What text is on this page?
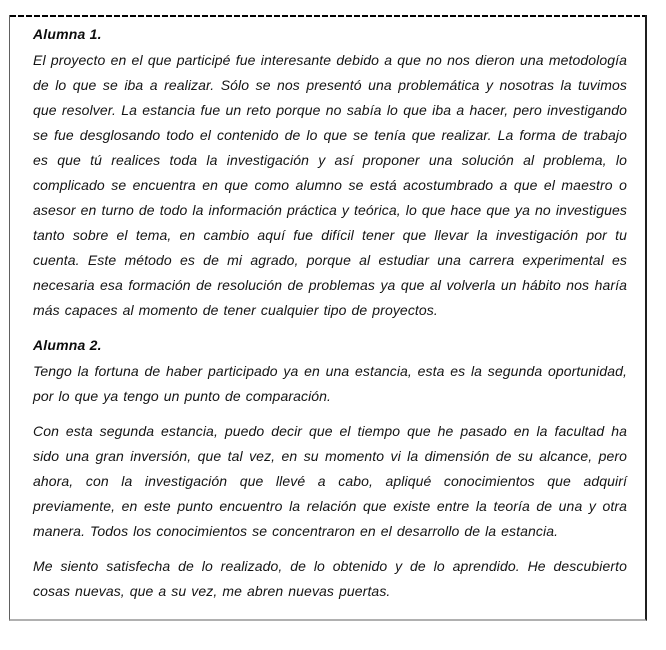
Alumna 1.

El proyecto en el que participé fue interesante debido a que no nos dieron una metodología de lo que se iba a realizar. Sólo se nos presentó una problemática y nosotras la tuvimos que resolver. La estancia fue un reto porque no sabía lo que iba a hacer, pero investigando se fue desglosando todo el contenido de lo que se tenía que realizar. La forma de trabajo es que tú realices toda la investigación y así proponer una solución al problema, lo complicado se encuentra en que como alumno se está acostumbrado a que el maestro o asesor en turno de todo la información práctica y teórica, lo que hace que ya no investigues tanto sobre el tema, en cambio aquí fue difícil tener que llevar la investigación por tu cuenta. Este método es de mi agrado, porque al estudiar una carrera experimental es necesaria esa formación de resolución de problemas ya que al volverla un hábito nos haría más capaces al momento de tener cualquier tipo de proyectos.

Alumna 2.

Tengo la fortuna de haber participado ya en una estancia, esta es la segunda oportunidad, por lo que ya tengo un punto de comparación.

Con esta segunda estancia, puedo decir que el tiempo que he pasado en la facultad ha sido una gran inversión, que tal vez, en su momento vi la dimensión de su alcance, pero ahora, con la investigación que llevé a cabo, apliqué conocimientos que adquirí previamente, en este punto encuentro la relación que existe entre la teoría de una y otra manera. Todos los conocimientos se concentraron en el desarrollo de la estancia.

Me siento satisfecha de lo realizado, de lo obtenido y de lo aprendido. He descubierto cosas nuevas, que a su vez, me abren nuevas puertas.
